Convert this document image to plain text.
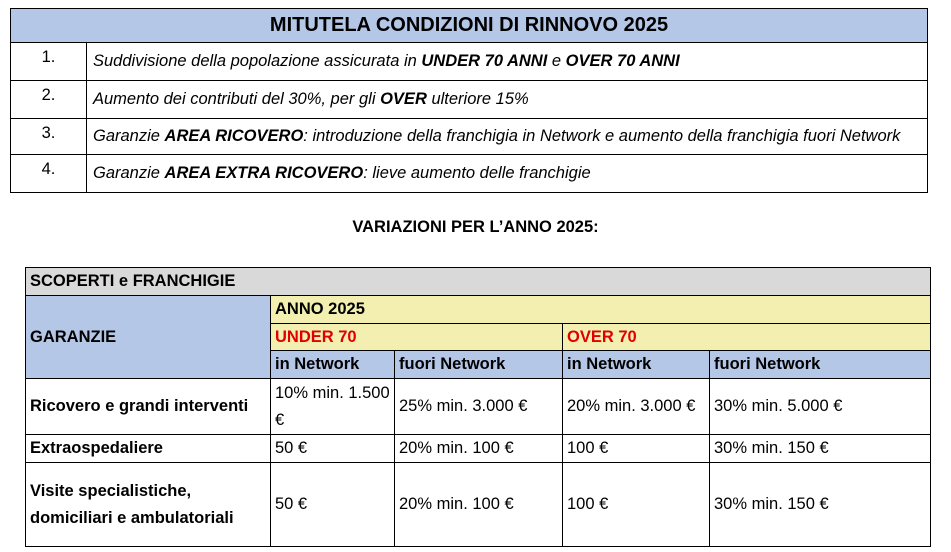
MITUTELA CONDIZIONI DI RINNOVO 2025	
1.	Suddivisione della popolazione assicurata in UNDER 70 ANNI e OVER 70 ANNI
2.	Aumento dei contributi del 30%, per gli OVER ulteriore 15%
3.	Garanzie AREA RICOVERO: introduzione della franchigia in Network e aumento della franchigia fuori Network
4.	Garanzie AREA EXTRA RICOVERO: lieve aumento delle franchigie
VARIAZIONI PER L’ANNO 2025:
SCOPERTI e FRANCHIGIE				
GARANZIE	ANNO 2025			
	UNDER 70		OVER 70	
	in Network	fuori Network	in Network	fuori Network
Ricovero e grandi interventi	10% min. 1.500 €	25% min. 3.000 €	20% min. 3.000 €	30% min. 5.000 €
Extraospedaliere	50 €	20% min. 100 €	100 €	30% min. 150 €
Visite specialistiche, domiciliari e ambulatoriali	50 €	20% min. 100 €	100 €	30% min. 150 €
